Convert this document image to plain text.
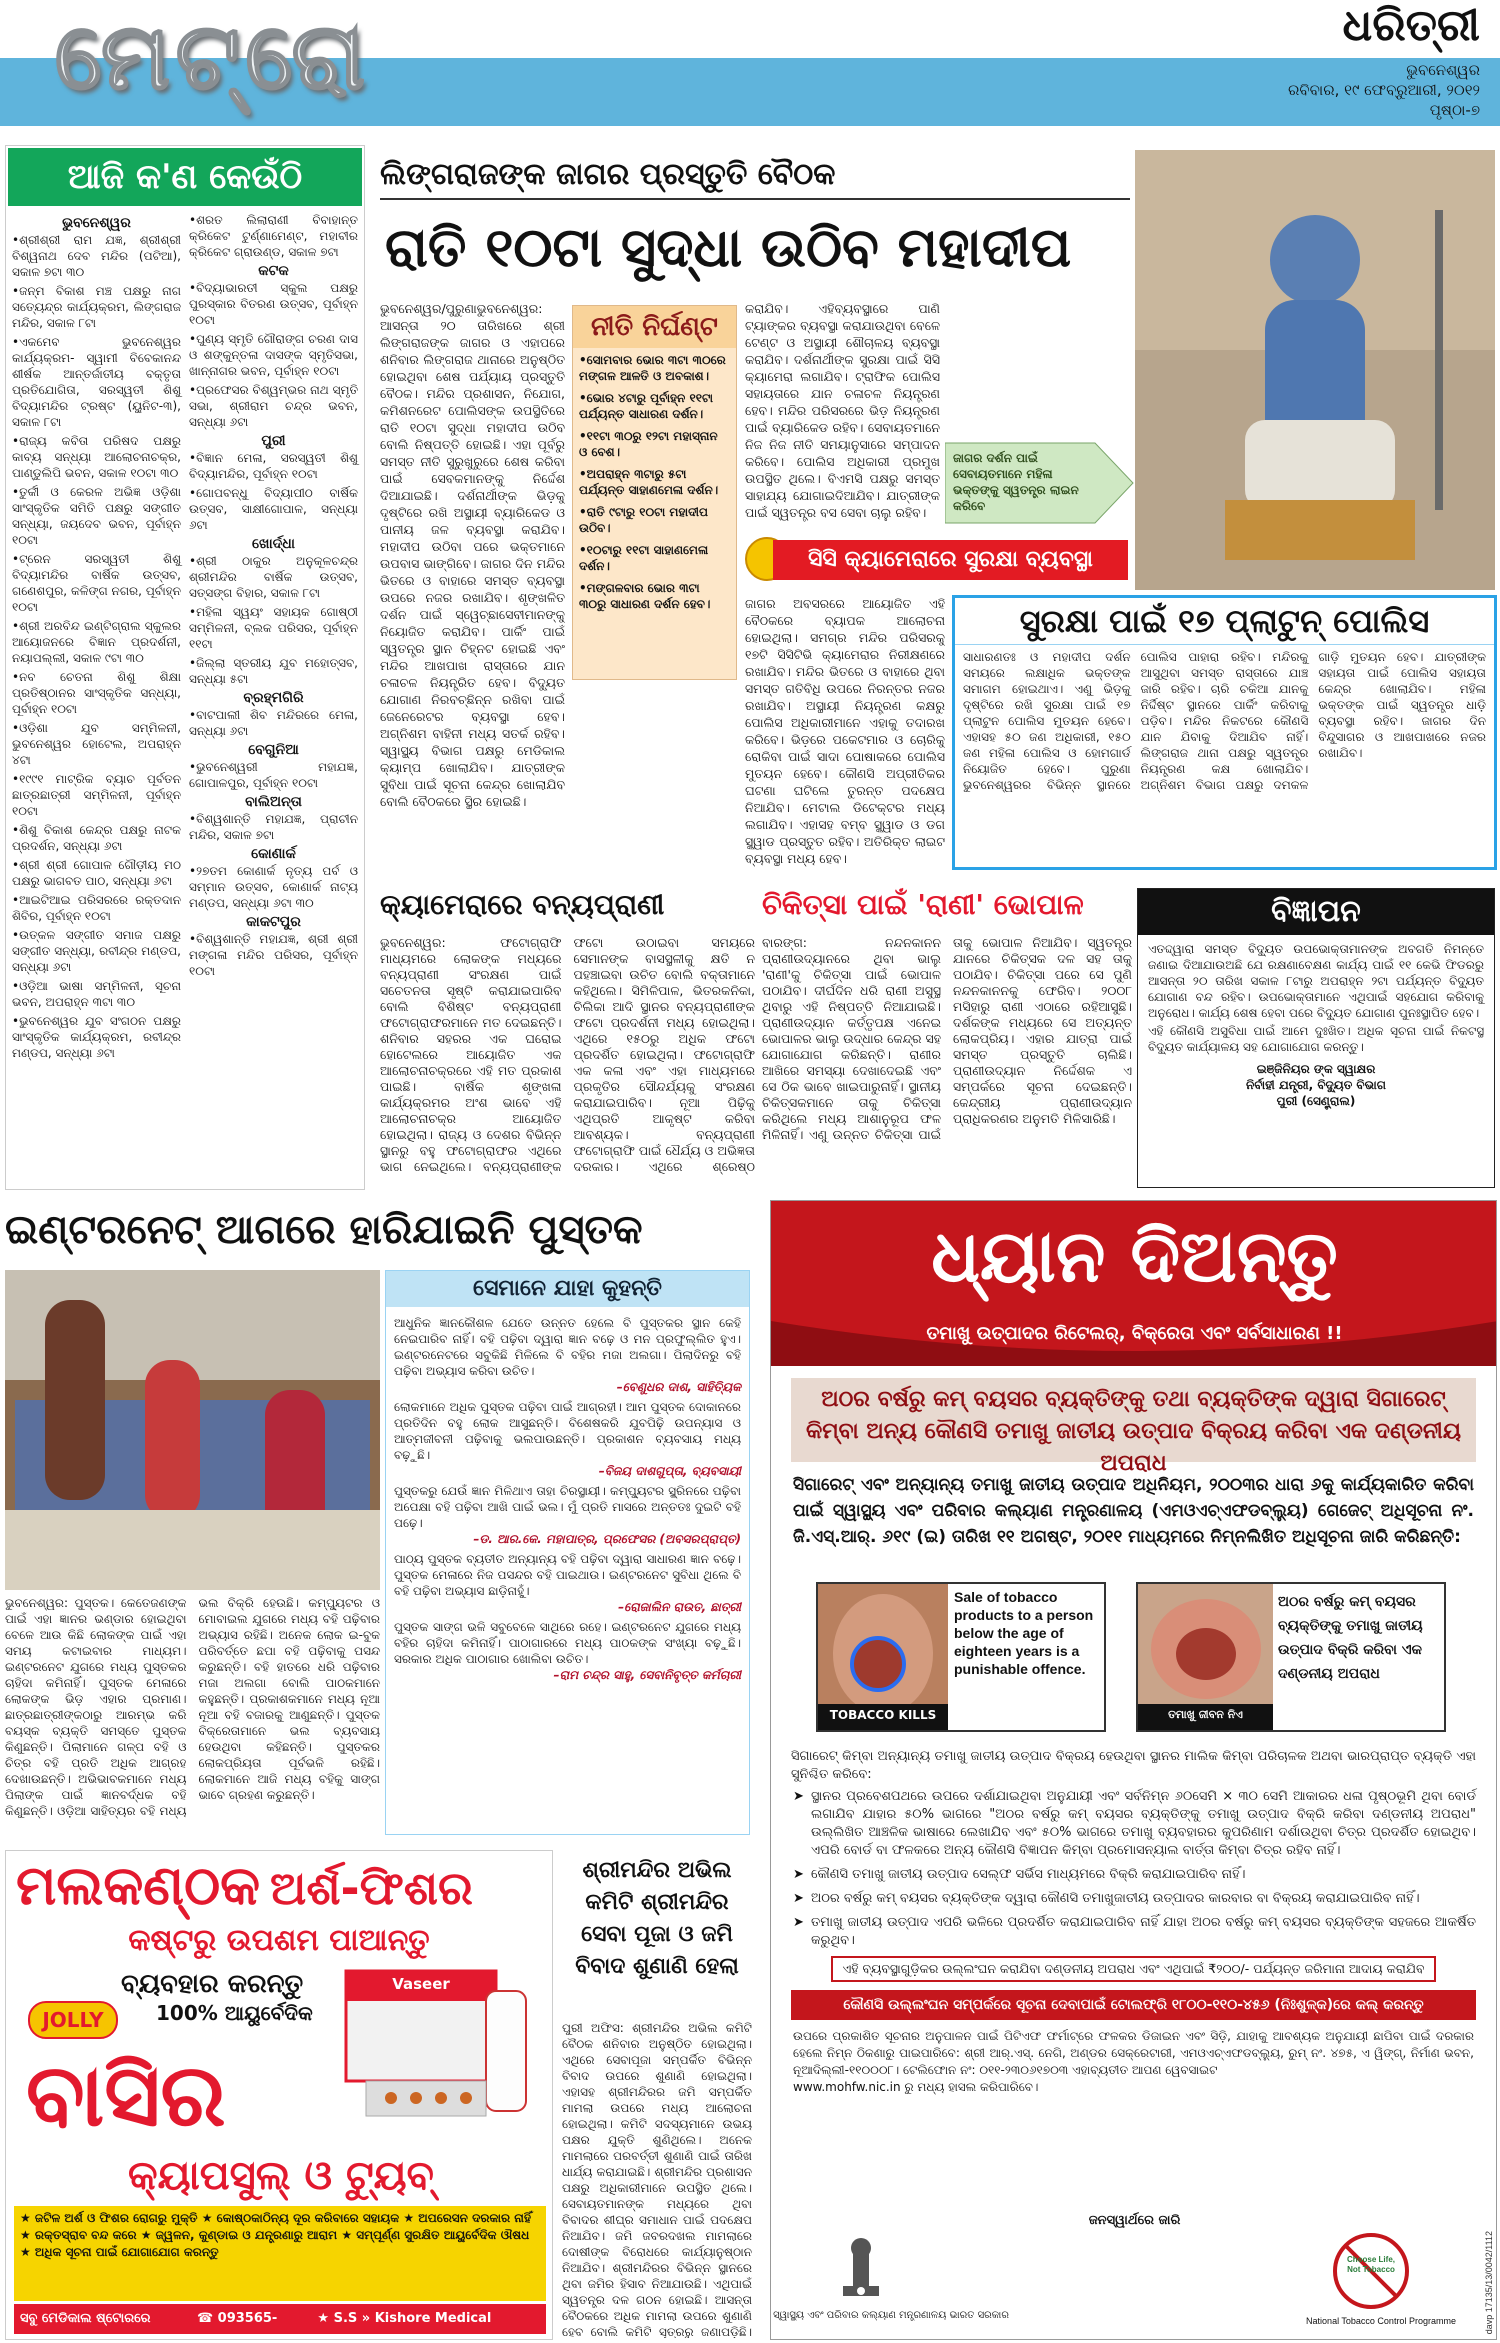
ମେଟ୍ରୋ	ଧରିତ୍ରୀ
ଭୁବନେଶ୍ୱର
ରବିବାର, ୧୯ ଫେବ୍ରୁଆରୀ, ୨୦୧୨
ପୃଷ୍ଠା-୭
ଆଜି କ'ଣ କେଉଁଠି
ଭୁବନେଶ୍ୱର
•ଶ୍ରୀଶ୍ରୀ ରାମ ଯଜ୍ଞ, ଶ୍ରୀଶ୍ରୀ ବିଶ୍ୱନାଥ ଦେବ ମନ୍ଦିର (ପଟିଆ), ସକାଳ ୭ଟା ୩୦
•ଜନ୍ମ ବିକାଶ ମଞ୍ଚ ପକ୍ଷରୁ ନାଗ ସତ୍ୟେନ୍ଦ୍ର କାର୍ଯ୍ୟକ୍ରମ, ଲିଙ୍ଗରାଜ ମନ୍ଦିର, ସକାଳ ୮ଟା
•ଏକମେବ ଭୁବନେଶ୍ୱର କାର୍ଯ୍ୟକ୍ରମ- ସ୍ୱାମୀ ବିବେକାନନ୍ଦ ଶୀର୍ଷକ ଆନ୍ତର୍ଜାତୀୟ ବକ୍ତୃତା ପ୍ରତିଯୋଗିତା, ସରସ୍ୱତୀ ଶିଶୁ ବିଦ୍ୟାମନ୍ଦିର ଟ୍ରଷ୍ଟ (ୟୁନିଟ-୩), ସକାଳ ୮ଟା
•ରାଜ୍ୟ କବିତା ପରିଷଦ ପକ୍ଷରୁ କାବ୍ୟ ସନ୍ଧ୍ୟା ଆଲୋଚନାଚକ୍ର, ପାଣ୍ଡୁଲିପି ଭବନ, ସକାଳ ୧୦ଟା ୩୦
•ତୁର୍କୀ ଓ କେରଳ ଅଭିଜ୍ଞ ଓଡ଼ିଶା ସାଂସ୍କୃତିକ ସମିତି ପକ୍ଷରୁ ସଙ୍ଗୀତ ସନ୍ଧ୍ୟା, ଜୟଦେବ ଭବନ, ପୂର୍ବାହ୍ନ ୧୦ଟା
•ଟ୍ରେନ ସରସ୍ୱତୀ ଶିଶୁ ବିଦ୍ୟାମନ୍ଦିର ବାର୍ଷିକ ଉତ୍ସବ, ଗଣେଶପୁର, କଳିଙ୍ଗ ନଗର, ପୂର୍ବାହ୍ନ ୧୦ଟା
•ଶ୍ରୀ ଅରବିନ୍ଦ ଇଣ୍ଟିଗ୍ରାଲ ସ୍କୁଲର ଆୟୋଜନରେ ବିଜ୍ଞାନ ପ୍ରଦର୍ଶନୀ, ନୟାପଲ୍ଲୀ, ସକାଳ ୯ଟା ୩୦
•ନବ ଚେତନା ଶିଶୁ ଶିକ୍ଷା ପ୍ରତିଷ୍ଠାନର ସାଂସ୍କୃତିକ ସନ୍ଧ୍ୟା, ପୂର୍ବାହ୍ନ ୧୦ଟା
•ଓଡ଼ିଶା ଯୁବ ସମ୍ମିଳନୀ, ଭୁବନେଶ୍ୱର ହୋଟେଲ, ଅପରାହ୍ନ ୪ଟା
•୧୯୯୧ ମାଟ୍ରିକ ବ୍ୟାଚ ପୂର୍ବତନ ଛାତ୍ରଛାତ୍ରୀ ସମ୍ମିଳନୀ, ପୂର୍ବାହ୍ନ ୧୦ଟା
•ଶିଶୁ ବିକାଶ କେନ୍ଦ୍ର ପକ୍ଷରୁ ନାଟକ ପ୍ରଦର୍ଶନ, ସନ୍ଧ୍ୟା ୬ଟା
•ଶ୍ରୀ ଶ୍ରୀ ଗୋପାଳ ଗୌଡ଼ୀୟ ମଠ ପକ୍ଷରୁ ଭାଗବତ ପାଠ, ସନ୍ଧ୍ୟା ୬ଟା
•ଆଇଟିଆଇ ପରିସରରେ ରକ୍ତଦାନ ଶିବିର, ପୂର୍ବାହ୍ନ ୧୦ଟା
•ଉତ୍କଳ ସଙ୍ଗୀତ ସମାଜ ପକ୍ଷରୁ ସଙ୍ଗୀତ ସନ୍ଧ୍ୟା, ରବୀନ୍ଦ୍ର ମଣ୍ଡପ, ସନ୍ଧ୍ୟା ୬ଟା
•ଓଡ଼ିଆ ଭାଷା ସମ୍ମିଳନୀ, ସୂଚନା ଭବନ, ଅପରାହ୍ନ ୩ଟା ୩୦
•ଭୁବନେଶ୍ୱର ଯୁବ ସଂଗଠନ ପକ୍ଷରୁ ସାଂସ୍କୃତିକ କାର୍ଯ୍ୟକ୍ରମ, ରବୀନ୍ଦ୍ର ମଣ୍ଡପ, ସନ୍ଧ୍ୟା ୬ଟା
•ଶରତ ଲିଲାରାଣୀ ବିବାହାନ୍ତ କ୍ରିକେଟ ଟୁର୍ଣ୍ଣାମେଣ୍ଟ, ମହାବୀର କ୍ରିକେଟ ଗ୍ରାଉଣ୍ଡ, ସକାଳ ୭ଟା
କଟକ
•ବିଦ୍ୟାଭାରତୀ ସ୍କୁଲ ପକ୍ଷରୁ ପୁରସ୍କାର ବିତରଣ ଉତ୍ସବ, ପୂର୍ବାହ୍ନ ୧୦ଟା
•ପୁଣ୍ୟ ସ୍ମୃତି ଗୌରାଙ୍ଗ ଚରଣ ଦାସ ଓ ଶଙ୍କୁନ୍ତଳା ଦାସଙ୍କ ସ୍ମୃତିସଭା, ଖାନ୍ନାଗର ଭବନ, ପୂର୍ବାହ୍ନ ୧୦ଟା
•ପ୍ରଫେସର ବିଶ୍ୱମ୍ଭର ନାଥ ସ୍ମୃତି ସଭା, ଶ୍ରୀରାମ ଚନ୍ଦ୍ର ଭବନ, ସନ୍ଧ୍ୟା ୬ଟା
ପୁରୀ
•ବିଜ୍ଞାନ ମେଳା, ସରସ୍ୱତୀ ଶିଶୁ ବିଦ୍ୟାମନ୍ଦିର, ପୂର୍ବାହ୍ନ ୧୦ଟା
•ଗୋପବନ୍ଧୁ ବିଦ୍ୟାପୀଠ ବାର୍ଷିକ ଉତ୍ସବ, ସାକ୍ଷୀଗୋପାଳ, ସନ୍ଧ୍ୟା ୬ଟା
ଖୋର୍ଦ୍ଧା
•ଶ୍ରୀ ଠାକୁର ଅନୁକୂଳଚନ୍ଦ୍ର ଶ୍ରୀମନ୍ଦିର ବାର୍ଷିକ ଉତ୍ସବ, ସତ୍ସଙ୍ଗ ବିହାର, ସକାଳ ୮ଟା
•ମହିଳା ସ୍ୱୟଂ ସହାୟକ ଗୋଷ୍ଠୀ ସମ୍ମିଳନୀ, ବ୍ଲକ ପରିସର, ପୂର୍ବାହ୍ନ ୧୧ଟା
•ଜିଲ୍ଲା ସ୍ତରୀୟ ଯୁବ ମହୋତ୍ସବ, ସନ୍ଧ୍ୟା ୫ଟା
ବ୍ରହ୍ମଗିରି
•ବାଟପାଲୀ ଶିବ ମନ୍ଦିରରେ ମେଳା, ସନ୍ଧ୍ୟା ୬ଟା
ବେଗୁନିଆ
•ଭୁବନେଶ୍ୱରୀ ମହାଯଜ୍ଞ, ଗୋପାଳପୁର, ପୂର୍ବାହ୍ନ ୧୦ଟା
ବାଲିଅନ୍ତା
•ବିଶ୍ୱଶାନ୍ତି ମହାଯଜ୍ଞ, ପ୍ରାଚୀନ ମନ୍ଦିର, ସକାଳ ୭ଟା
କୋଣାର୍କ
•୨୭ତମ କୋଣାର୍କ ନୃତ୍ୟ ପର୍ବ ଓ ସମ୍ମାନ ଉତ୍ସବ, କୋଣାର୍କ ନାଟ୍ୟ ମଣ୍ଡପ, ସନ୍ଧ୍ୟା ୬ଟା ୩୦
କାକଟପୁର
•ବିଶ୍ୱଶାନ୍ତି ମହାଯଜ୍ଞ, ଶ୍ରୀ ଶ୍ରୀ ମଙ୍ଗଳା ମନ୍ଦିର ପରିସର, ପୂର୍ବାହ୍ନ ୧୦ଟା
ଲିଙ୍ଗରାଜଙ୍କ ଜାଗର ପ୍ରସ୍ତୁତି ବୈଠକ
ରାତି ୧୦ଟା ସୁଦ୍ଧା ଉଠିବ ମହାଦୀପ
ଭୁବନେଶ୍ୱର/ପୁରୁଣାଭୁବନେଶ୍ୱର: ଆସନ୍ତା ୨୦ ତାରିଖରେ ଶ୍ରୀ ଲିଙ୍ଗରାଜଙ୍କ ଜାଗର ଓ ଏହାପରେ ଶନିବାର ଲିଙ୍ଗରାଜ ଥାନାରେ ଅନୁଷ୍ଠିତ ହୋଇଥିବା ଶେଷ ପର୍ଯ୍ୟାୟ ପ୍ରସ୍ତୁତି ବୈଠକ। ମନ୍ଦିର ପ୍ରଶାସନ, ନିଯୋଗ, କମିଶନରେଟ ପୋଲିସଙ୍କ ଉପସ୍ଥିତିରେ ରାତି ୧୦ଟା ସୁଦ୍ଧା ମହାଦୀପ ଉଠିବ ବୋଲି ନିଷ୍ପତ୍ତି ହୋଇଛି। ଏହା ପୂର୍ବରୁ ସମସ୍ତ ନୀତି ସୁରୁଖୁରୁରେ ଶେଷ କରିବା ପାଇଁ ସେବକମାନଙ୍କୁ ନିର୍ଦ୍ଦେଶ ଦିଆଯାଇଛି। ଦର୍ଶନାର୍ଥୀଙ୍କ ଭିଡ଼କୁ ଦୃଷ୍ଟିରେ ରଖି ଅସ୍ଥାୟୀ ବ୍ୟାରିକେଡ ଓ ପାନୀୟ ଜଳ ବ୍ୟବସ୍ଥା କରାଯିବ। ମହାଦୀପ ଉଠିବା ପରେ ଭକ୍ତମାନେ ଉପବାସ ଭାଙ୍ଗିବେ। ଜାଗର ଦିନ ମନ୍ଦିର ଭିତରେ ଓ ବାହାରେ ସମସ୍ତ ବ୍ୟବସ୍ଥା ଉପରେ ନଜର ରଖାଯିବ। ଶୃଙ୍ଖଳିତ ଦର୍ଶନ ପାଇଁ ସ୍ୱେଚ୍ଛାସେବୀମାନଙ୍କୁ ନିୟୋଜିତ କରାଯିବ। ପାର୍କିଂ ପାଇଁ ସ୍ୱତନ୍ତ୍ର ସ୍ଥାନ ଚିହ୍ନଟ ହୋଇଛି ଏବଂ ମନ୍ଦିର ଆଖପାଖ ରାସ୍ତାରେ ଯାନ ଚଳାଚଳ ନିୟନ୍ତ୍ରିତ ହେବ। ବିଦ୍ୟୁତ ଯୋଗାଣ ନିରବଚ୍ଛିନ୍ନ ରଖିବା ପାଇଁ ଜେନେରେଟର ବ୍ୟବସ୍ଥା ହେବ। ଅଗ୍ନିଶମ ବାହିନୀ ମଧ୍ୟ ସତର୍କ ରହିବ। ସ୍ୱାସ୍ଥ୍ୟ ବିଭାଗ ପକ୍ଷରୁ ମେଡିକାଲ କ୍ୟାମ୍ପ ଖୋଲାଯିବ। ଯାତ୍ରୀଙ୍କ ସୁବିଧା ପାଇଁ ସୂଚନା କେନ୍ଦ୍ର ଖୋଲାଯିବ ବୋଲି ବୈଠକରେ ସ୍ଥିର ହୋଇଛି।
ନୀତି ନିର୍ଘଣ୍ଟ
•ସୋମବାର ଭୋର ୩ଟା ୩୦ରେ ମଙ୍ଗଳ ଆଳତି ଓ ଅବକାଶ।
•ଭୋର ୪ଟାରୁ ପୂର୍ବାହ୍ନ ୧୧ଟା ପର୍ଯ୍ୟନ୍ତ ସାଧାରଣ ଦର୍ଶନ।
•୧୧ଟା ୩୦ରୁ ୧୨ଟା ମହାସ୍ନାନ ଓ ବେଶ।
•ଅପରାହ୍ନ ୩ଟାରୁ ୫ଟା ପର୍ଯ୍ୟନ୍ତ ସାହାଣମେଳା ଦର୍ଶନ।
•ରାତି ୯ଟାରୁ ୧୦ଟା ମହାଦୀପ ଉଠିବ।
•୧୦ଟାରୁ ୧୧ଟା ସାହାଣମେଳା ଦର୍ଶନ।
•ମଙ୍ଗଳବାର ଭୋର ୩ଟା ୩୦ରୁ ସାଧାରଣ ଦର୍ଶନ ହେବ।
କରାଯିବ। ଏହିବ୍ୟବସ୍ଥାରେ ପାଣି ଟ୍ୟାଙ୍କର ବ୍ୟବସ୍ଥା କରାଯାଉଥିବା ବେଳେ ଟେଣ୍ଟ ଓ ଅସ୍ଥାୟୀ ଶୌଚାଳୟ ବ୍ୟବସ୍ଥା କରାଯିବ। ଦର୍ଶନାର୍ଥୀଙ୍କ ସୁରକ୍ଷା ପାଇଁ ସିସି କ୍ୟାମେରା ଲଗାଯିବ। ଟ୍ରାଫିକ ପୋଲିସ ସହାୟତାରେ ଯାନ ଚଳାଚଳ ନିୟନ୍ତ୍ରଣ ହେବ। ମନ୍ଦିର ପରିସରରେ ଭିଡ଼ ନିୟନ୍ତ୍ରଣ ପାଇଁ ବ୍ୟାରିକେଡ ରହିବ। ସେବାୟତମାନେ ନିଜ ନିଜ ନୀତି ସମୟାନୁସାରେ ସମ୍ପାଦନ କରିବେ। ପୋଲିସ ଅଧିକାରୀ ପ୍ରମୁଖ ଉପସ୍ଥିତ ଥିଲେ। ବିଏମସି ପକ୍ଷରୁ ସମସ୍ତ ସାହାଯ୍ୟ ଯୋଗାଇଦିଆଯିବ। ଯାତ୍ରୀଙ୍କ ପାଇଁ ସ୍ୱତନ୍ତ୍ର ବସ ସେବା ଚାଲୁ ରହିବ।
ଜାଗର ଦର୍ଶନ ପାଇଁ ସେବାୟତମାନେ ମହିଳା ଭକ୍ତଙ୍କୁ ସ୍ୱତନ୍ତ୍ର ଲାଇନ କରିବେ
ସିସି କ୍ୟାମେରାରେ ସୁରକ୍ଷା ବ୍ୟବସ୍ଥା
ଜାଗର ଅବସରରେ ଆୟୋଜିତ ଏହି ବୈଠକରେ ବ୍ୟାପକ ଆଲୋଚନା ହୋଇଥିଲା। ସମଗ୍ର ମନ୍ଦିର ପରିସରକୁ ୧୭ଟି ସିସିଟିଭି କ୍ୟାମେରାର ନିରୀକ୍ଷଣରେ ରଖାଯିବ। ମନ୍ଦିର ଭିତରେ ଓ ବାହାରେ ଥିବା ସମସ୍ତ ଗତିବିଧି ଉପରେ ନିରନ୍ତର ନଜର ରଖାଯିବ। ଅସ୍ଥାୟୀ ନିୟନ୍ତ୍ରଣ କକ୍ଷରୁ ପୋଲିସ ଅଧିକାରୀମାନେ ଏହାକୁ ତଦାରଖ କରିବେ। ଭିଡ଼ରେ ପକେଟମାର ଓ ଚୋରିକୁ ରୋକିବା ପାଇଁ ସାଦା ପୋଷାକରେ ପୋଲିସ ମୁତୟନ ହେବେ। କୌଣସି ଅପ୍ରୀତିକର ଘଟଣା ଘଟିଲେ ତୁରନ୍ତ ପଦକ୍ଷେପ ନିଆଯିବ। ମେଟାଲ ଡିଟେକ୍ଟର ମଧ୍ୟ ଲଗାଯିବ। ଏହାସହ ବମ୍ବ ସ୍କ୍ୱାଡ ଓ ଡଗ ସ୍କ୍ୱାଡ ପ୍ରସ୍ତୁତ ରହିବ। ଅତିରିକ୍ତ ଲାଇଟ ବ୍ୟବସ୍ଥା ମଧ୍ୟ ହେବ।
ସୁରକ୍ଷା ପାଇଁ ୧୭ ପ୍ଲାଟୁନ୍ ପୋଲିସ
ସାଧାରଣତଃ ଓ ମହାଦୀପ ଦର୍ଶନ ସମୟରେ ଲକ୍ଷାଧିକ ଭକ୍ତଙ୍କ ସମାଗମ ହୋଇଥାଏ। ଏଣୁ ଭିଡ଼କୁ ଦୃଷ୍ଟିରେ ରଖି ସୁରକ୍ଷା ପାଇଁ ୧୭ ପ୍ଲାଟୁନ ପୋଲିସ ମୁତୟନ ହେବେ। ଏହାସହ ୫୦ ଜଣ ଅଧିକାରୀ, ୧୫୦ ଜଣ ମହିଳା ପୋଲିସ ଓ ହୋମଗାର୍ଡ ନିୟୋଜିତ ହେବେ। ପୁରୁଣା ଭୁବନେଶ୍ୱରର ବିଭିନ୍ନ ସ୍ଥାନରେ ପୋଲିସ ପାହାରା ରହିବ। ମନ୍ଦିରକୁ ଆସୁଥିବା ସମସ୍ତ ରାସ୍ତାରେ ଯାଞ୍ଚ ଜାରି ରହିବ। ଚାରି ଚକିଆ ଯାନକୁ ନିର୍ଦ୍ଦିଷ୍ଟ ସ୍ଥାନରେ ପାର୍କିଂ କରିବାକୁ ପଡ଼ିବ। ମନ୍ଦିର ନିକଟରେ କୌଣସି ଯାନ ଯିବାକୁ ଦିଆଯିବ ନାହିଁ। ଲିଙ୍ଗରାଜ ଥାନା ପକ୍ଷରୁ ସ୍ୱତନ୍ତ୍ର ନିୟନ୍ତ୍ରଣ କକ୍ଷ ଖୋଲାଯିବ। ଅଗ୍ନିଶମ ବିଭାଗ ପକ୍ଷରୁ ଦମକଳ ଗାଡ଼ି ମୁତୟନ ହେବ। ଯାତ୍ରୀଙ୍କ ସହାୟତା ପାଇଁ ପୋଲିସ ସହାୟତା କେନ୍ଦ୍ର ଖୋଲାଯିବ। ମହିଳା ଭକ୍ତଙ୍କ ପାଇଁ ସ୍ୱତନ୍ତ୍ର ଧାଡ଼ି ବ୍ୟବସ୍ଥା ରହିବ। ଜାଗର ଦିନ ବିନ୍ଦୁସାଗର ଓ ଆଖପାଖରେ ନଜର ରଖାଯିବ।
କ୍ୟାମେରାରେ ବନ୍ୟପ୍ରାଣୀ
ଭୁବନେଶ୍ୱର: ଫଟୋଗ୍ରାଫି ମାଧ୍ୟମରେ ଲୋକଙ୍କ ମଧ୍ୟରେ ବନ୍ୟପ୍ରାଣୀ ସଂରକ୍ଷଣ ପାଇଁ ସଚେତନତା ସୃଷ୍ଟି କରାଯାଇପାରିବ ବୋଲି ବିଶିଷ୍ଟ ବନ୍ୟପ୍ରାଣୀ ଫଟୋଗ୍ରାଫରମାନେ ମତ ଦେଇଛନ୍ତି। ଶନିବାର ସହରର ଏକ ଘରୋଇ ହୋଟେଲରେ ଆୟୋଜିତ ଏକ ଆଲୋଚନାଚକ୍ରରେ ଏହି ମତ ପ୍ରକାଶ ପାଇଛି। ବାର୍ଷିକ ଶୃଙ୍ଖଳା କାର୍ଯ୍ୟକ୍ରମର ଅଂଶ ଭାବେ ଏହି ଆଲୋଚନାଚକ୍ର ଆୟୋଜିତ ହୋଇଥିଲା। ରାଜ୍ୟ ଓ ଦେଶର ବିଭିନ୍ନ ସ୍ଥାନରୁ ବହୁ ଫଟୋଗ୍ରାଫର ଏଥିରେ ଭାଗ ନେଇଥିଲେ। ବନ୍ୟପ୍ରାଣୀଙ୍କ ଫଟୋ ଉଠାଇବା ସମୟରେ ସେମାନଙ୍କ ବାସସ୍ଥଳୀକୁ କ୍ଷତି ନ ପହଞ୍ଚାଇବା ଉଚିତ ବୋଲି ବକ୍ତାମାନେ କହିଥିଲେ। ସିମିଳିପାଳ, ଭିତରକନିକା, ଚିଲିକା ଆଦି ସ୍ଥାନର ବନ୍ୟପ୍ରାଣୀଙ୍କ ଫଟୋ ପ୍ରଦର୍ଶନୀ ମଧ୍ୟ ହୋଇଥିଲା। ଏଥିରେ ୧୫୦ରୁ ଅଧିକ ଫଟୋ ପ୍ରଦର୍ଶିତ ହୋଇଥିଲା। ଫଟୋଗ୍ରାଫି ଏକ କଳା ଏବଂ ଏହା ମାଧ୍ୟମରେ ପ୍ରକୃତିର ସୌନ୍ଦର୍ଯ୍ୟକୁ ସଂରକ୍ଷଣ କରାଯାଇପାରିବ। ନୂଆ ପିଢ଼ିକୁ ଏଥିପ୍ରତି ଆକୃଷ୍ଟ କରିବା ଆବଶ୍ୟକ। ବନ୍ୟପ୍ରାଣୀ ଫଟୋଗ୍ରାଫି ପାଇଁ ଧୈର୍ଯ୍ୟ ଓ ଅଭିଜ୍ଞତା ଦରକାର। ଏଥିରେ ଶ୍ରେଷ୍ଠ
ଚିକିତ୍ସା ପାଇଁ 'ରାଣୀ' ଭୋପାଳ
ବାରଙ୍ଗ: ନନ୍ଦନକାନନ ପ୍ରାଣୀଉଦ୍ୟାନରେ ଥିବା ଭାଲୁ 'ରାଣୀ'କୁ ଚିକିତ୍ସା ପାଇଁ ଭୋପାଳ ପଠାଯିବ। ଦୀର୍ଘଦିନ ଧରି ରାଣୀ ଅସୁସ୍ଥ ଥିବାରୁ ଏହି ନିଷ୍ପତ୍ତି ନିଆଯାଇଛି। ପ୍ରାଣୀଉଦ୍ୟାନ କର୍ତ୍ତୃପକ୍ଷ ଏନେଇ ଭୋପାଳର ଭାଲୁ ଉଦ୍ଧାର କେନ୍ଦ୍ର ସହ ଯୋଗାଯୋଗ କରିଛନ୍ତି। ରାଣୀର ଆଖିରେ ସମସ୍ୟା ଦେଖାଦେଇଛି ଏବଂ ସେ ଠିକ ଭାବେ ଖାଇପାରୁନାହିଁ। ସ୍ଥାନୀୟ ଚିକିତ୍ସକମାନେ ତାକୁ ଚିକିତ୍ସା କରିଥିଲେ ମଧ୍ୟ ଆଶାନୁରୂପ ଫଳ ମିଳିନାହିଁ। ଏଣୁ ଉନ୍ନତ ଚିକିତ୍ସା ପାଇଁ ତାକୁ ଭୋପାଳ ନିଆଯିବ। ସ୍ୱତନ୍ତ୍ର ଯାନରେ ଚିକିତ୍ସକ ଦଳ ସହ ତାକୁ ପଠାଯିବ। ଚିକିତ୍ସା ପରେ ସେ ପୁଣି ନନ୍ଦନକାନନକୁ ଫେରିବ। ୨୦୦୮ ମସିହାରୁ ରାଣୀ ଏଠାରେ ରହିଆସୁଛି। ଦର୍ଶକଙ୍କ ମଧ୍ୟରେ ସେ ଅତ୍ୟନ୍ତ ଲୋକପ୍ରିୟ। ଏହାର ଯାତ୍ରା ପାଇଁ ସମସ୍ତ ପ୍ରସ୍ତୁତି ଚାଲିଛି। ପ୍ରାଣୀଉଦ୍ୟାନ ନିର୍ଦ୍ଦେଶକ ଏ ସମ୍ପର୍କରେ ସୂଚନା ଦେଇଛନ୍ତି। କେନ୍ଦ୍ରୀୟ ପ୍ରାଣୀଉଦ୍ୟାନ ପ୍ରାଧିକରଣର ଅନୁମତି ମିଳିସାରିଛି।
ବିଜ୍ଞାପନ
ଏତଦ୍ଦ୍ୱାରା ସମସ୍ତ ବିଦ୍ୟୁତ ଉପଭୋକ୍ତାମାନଙ୍କ ଅବଗତି ନିମନ୍ତେ ଜଣାଇ ଦିଆଯାଉଅଛି ଯେ ରକ୍ଷଣାବେକ୍ଷଣ କାର୍ଯ୍ୟ ପାଇଁ ୧୧ କେଭି ଫିଡରରୁ ଆସନ୍ତା ୨୦ ତାରିଖ ସକାଳ ୮ଟାରୁ ଅପରାହ୍ନ ୨ଟା ପର୍ଯ୍ୟନ୍ତ ବିଦ୍ୟୁତ ଯୋଗାଣ ବନ୍ଦ ରହିବ। ଉପଭୋକ୍ତାମାନେ ଏଥିପାଇଁ ସହଯୋଗ କରିବାକୁ ଅନୁରୋଧ। କାର୍ଯ୍ୟ ଶେଷ ହେବା ପରେ ବିଦ୍ୟୁତ ଯୋଗାଣ ପୁନଃସ୍ଥାପିତ ହେବ।
ଏହି କୌଣସି ଅସୁବିଧା ପାଇଁ ଆମେ ଦୁଃଖିତ। ଅଧିକ ସୂଚନା ପାଇଁ ନିକଟସ୍ଥ ବିଦ୍ୟୁତ କାର୍ଯ୍ୟାଳୟ ସହ ଯୋଗାଯୋଗ କରନ୍ତୁ।
ଇଞ୍ଜିନିୟର ଙ୍କ ସ୍ୱାକ୍ଷର
ନିର୍ବାହୀ ଯନ୍ତ୍ରୀ, ବିଦ୍ୟୁତ ବିଭାଗ
ପୁରୀ (ସେଣ୍ଟ୍ରାଲ)
ଇଣ୍ଟରନେଟ୍ ଆଗରେ ହାରିଯାଇନି ପୁସ୍ତକ
ଭୁବନେଶ୍ୱର: ପୁସ୍ତକ। କେତେଜଣଙ୍କ ପାଇଁ ଏହା ଜ୍ଞାନର ଭଣ୍ଡାର ହୋଇଥିବା ବେଳେ ଆଉ କିଛି ଲୋକଙ୍କ ପାଇଁ ଏହା ସମୟ କଟାଇବାର ମାଧ୍ୟମ। ଇଣ୍ଟରନେଟ ଯୁଗରେ ମଧ୍ୟ ପୁସ୍ତକର ଚାହିଦା କମିନାହିଁ। ପୁସ୍ତକ ମେଳାରେ ଲୋକଙ୍କ ଭିଡ଼ ଏହାର ପ୍ରମାଣ। ଛାତ୍ରଛାତ୍ରୀଙ୍କଠାରୁ ଆରମ୍ଭ କରି ବୟସ୍କ ବ୍ୟକ୍ତି ସମସ୍ତେ ପୁସ୍ତକ କିଣୁଛନ୍ତି। ପିଲାମାନେ ଗଳ୍ପ ବହି ଓ ଚିତ୍ର ବହି ପ୍ରତି ଅଧିକ ଆଗ୍ରହ ଦେଖାଉଛନ୍ତି। ଅଭିଭାବକମାନେ ମଧ୍ୟ ପିଲାଙ୍କ ପାଇଁ ଜ୍ଞାନବର୍ଦ୍ଧକ ବହି କିଣୁଛନ୍ତି। ଓଡ଼ିଆ ସାହିତ୍ୟର ବହି ମଧ୍ୟ ଭଲ ବିକ୍ରି ହେଉଛି। କମ୍ପ୍ୟୁଟର ଓ ମୋବାଇଲ ଯୁଗରେ ମଧ୍ୟ ବହି ପଢ଼ିବାର ଅଭ୍ୟାସ ରହିଛି। ଅନେକ ଲୋକ ଇ-ବୁକ ପରିବର୍ତ୍ତେ ଛପା ବହି ପଢ଼ିବାକୁ ପସନ୍ଦ କରୁଛନ୍ତି। ବହି ହାତରେ ଧରି ପଢ଼ିବାର ମଜା ଅଲଗା ବୋଲି ପାଠକମାନେ କହୁଛନ୍ତି। ପ୍ରକାଶକମାନେ ମଧ୍ୟ ନୂଆ ନୂଆ ବହି ବଜାରକୁ ଆଣୁଛନ୍ତି। ପୁସ୍ତକ ବିକ୍ରେତାମାନେ ଭଲ ବ୍ୟବସାୟ ହେଉଥିବା କହିଛନ୍ତି। ପୁସ୍ତକର ଲୋକପ୍ରିୟତା ପୂର୍ବଭଳି ରହିଛି। ଲୋକମାନେ ଆଜି ମଧ୍ୟ ବହିକୁ ସାଙ୍ଗ ଭାବେ ଗ୍ରହଣ କରୁଛନ୍ତି।
ସେମାନେ ଯାହା କୁହନ୍ତି
ଆଧୁନିକ ଜ୍ଞାନକୌଶଳ ଯେତେ ଉନ୍ନତ ହେଲେ ବି ପୁସ୍ତକର ସ୍ଥାନ କେହି ନେଇପାରିବ ନାହିଁ। ବହି ପଢ଼ିବା ଦ୍ୱାରା ଜ୍ଞାନ ବଢ଼େ ଓ ମନ ପ୍ରଫୁଲ୍ଲିତ ହୁଏ। ଇଣ୍ଟରନେଟରେ ସବୁକିଛି ମିଳିଲେ ବି ବହିର ମଜା ଅଲଗା। ପିଲାଦିନରୁ ବହି ପଢ଼ିବା ଅଭ୍ୟାସ କରିବା ଉଚିତ।
–ବେଣୁଧର ଦାଶ, ସାହିତ୍ୟିକ
ଲୋକମାନେ ଅଧିକ ପୁସ୍ତକ ପଢ଼ିବା ପାଇଁ ଆଗ୍ରହୀ। ଆମ ପୁସ୍ତକ ଦୋକାନରେ ପ୍ରତିଦିନ ବହୁ ଲୋକ ଆସୁଛନ୍ତି। ବିଶେଷକରି ଯୁବପିଢ଼ି ଉପନ୍ୟାସ ଓ ଆତ୍ମଜୀବନୀ ପଢ଼ିବାକୁ ଭଲପାଉଛନ୍ତି। ପ୍ରକାଶନ ବ୍ୟବସାୟ ମଧ୍ୟ ବଢ଼ୁଛି।
–ବିଜୟ ଦାଶଗୁପ୍ତା, ବ୍ୟବସାୟୀ
ପୁସ୍ତକରୁ ଯେଉଁ ଜ୍ଞାନ ମିଳିଥାଏ ତାହା ଚିରସ୍ଥାୟୀ। କମ୍ପ୍ୟୁଟର ସ୍କ୍ରିନରେ ପଢ଼ିବା ଅପେକ୍ଷା ବହି ପଢ଼ିବା ଆଖି ପାଇଁ ଭଲ। ମୁଁ ପ୍ରତି ମାସରେ ଅନ୍ତତଃ ଦୁଇଟି ବହି ପଢ଼େ।
–ଡ. ଆର.କେ. ମହାପାତ୍ର, ପ୍ରଫେସର (ଅବସରପ୍ରାପ୍ତ)
ପାଠ୍ୟ ପୁସ୍ତକ ବ୍ୟତୀତ ଅନ୍ୟାନ୍ୟ ବହି ପଢ଼ିବା ଦ୍ୱାରା ସାଧାରଣ ଜ୍ଞାନ ବଢ଼େ। ପୁସ୍ତକ ମେଳାରେ ନିଜ ପସନ୍ଦର ବହି ପାଇଥାଉ। ଇଣ୍ଟରନେଟ ସୁବିଧା ଥିଲେ ବି ବହି ପଢ଼ିବା ଅଭ୍ୟାସ ଛାଡ଼ିନାହୁଁ।
–ରୋଜାଲିନ ରାଉତ, ଛାତ୍ରୀ
ପୁସ୍ତକ ସାଙ୍ଗ ଭଳି ସବୁବେଳେ ସାଥିରେ ରହେ। ଇଣ୍ଟରନେଟ ଯୁଗରେ ମଧ୍ୟ ବହିର ଚାହିଦା କମିନାହିଁ। ପାଠାଗାରରେ ମଧ୍ୟ ପାଠକଙ୍କ ସଂଖ୍ୟା ବଢ଼ୁଛି। ସରକାର ଅଧିକ ପାଠାଗାର ଖୋଲିବା ଉଚିତ।
–ରାମ ଚନ୍ଦ୍ର ସାହୁ, ସେବାନିବୃତ୍ତ କର୍ମଚାରୀ
ମଲକଣ୍ଠକ ଅର୍ଶ-ଫିଶର
କଷ୍ଟରୁ ଉପଶମ ପାଆନ୍ତୁ
ବ୍ୟବହାର କରନ୍ତୁ
100% ଆୟୁର୍ବେଦିକ
JOLLY
Vaseer
ବାସିର
କ୍ୟାପସୁଲ୍ ଓ ଟ୍ୟୁବ୍
★ ଜଟିଳ ଅର୍ଶ ଓ ଫିଶର ରୋଗରୁ ମୁକ୍ତି ★ କୋଷ୍ଠକାଠିନ୍ୟ ଦୂର କରିବାରେ ସହାୟକ ★ ଅପରେସନ ଦରକାର ନାହିଁ ★ ରକ୍ତସ୍ରାବ ବନ୍ଦ କରେ ★ ଜ୍ୱଳନ, କୁଣ୍ଡାଇ ଓ ଯନ୍ତ୍ରଣାରୁ ଆରାମ ★ ସମ୍ପୂର୍ଣ୍ଣ ସୁରକ୍ଷିତ ଆୟୁର୍ବେଦିକ ଔଷଧ ★ ଅଧିକ ସୂଚନା ପାଇଁ ଯୋଗାଯୋଗ କରନ୍ତୁ
ସବୁ ମେଡିକାଲ ଷ୍ଟୋରରେ	☎ 093565-	★ S.S » Kishore Medical
ଶ୍ରୀମନ୍ଦିର ଅଭିଲ କମିଟି ଶ୍ରୀମନ୍ଦିର ସେବା ପୂଜା ଓ ଜମି ବିବାଦ ଶୁଣାଣି ହେଲା
ପୁରୀ ଅଫିସ: ଶ୍ରୀମନ୍ଦିର ଅଭିଲ କମିଟି ବୈଠକ ଶନିବାର ଅନୁଷ୍ଠିତ ହୋଇଥିଲା। ଏଥିରେ ସେବାପୂଜା ସମ୍ପର୍କିତ ବିଭିନ୍ନ ବିବାଦ ଉପରେ ଶୁଣାଣି ହୋଇଥିଲା। ଏହାସହ ଶ୍ରୀମନ୍ଦିରର ଜମି ସମ୍ପର୍କିତ ମାମଲା ଉପରେ ମଧ୍ୟ ଆଲୋଚନା ହୋଇଥିଲା। କମିଟି ସଦସ୍ୟମାନେ ଉଭୟ ପକ୍ଷର ଯୁକ୍ତି ଶୁଣିଥିଲେ। ଅନେକ ମାମଲାରେ ପରବର୍ତ୍ତୀ ଶୁଣାଣି ପାଇଁ ତାରିଖ ଧାର୍ଯ୍ୟ କରାଯାଇଛି। ଶ୍ରୀମନ୍ଦିର ପ୍ରଶାସନ ପକ୍ଷରୁ ଅଧିକାରୀମାନେ ଉପସ୍ଥିତ ଥିଲେ। ସେବାୟତମାନଙ୍କ ମଧ୍ୟରେ ଥିବା ବିବାଦର ଶୀଘ୍ର ସମାଧାନ ପାଇଁ ପଦକ୍ଷେପ ନିଆଯିବ। ଜମି ଜବରଦଖଲ ମାମଲାରେ ଦୋଷୀଙ୍କ ବିରୋଧରେ କାର୍ଯ୍ୟାନୁଷ୍ଠାନ ନିଆଯିବ। ଶ୍ରୀମନ୍ଦିରର ବିଭିନ୍ନ ସ୍ଥାନରେ ଥିବା ଜମିର ହିସାବ ନିଆଯାଉଛି। ଏଥିପାଇଁ ସ୍ୱତନ୍ତ୍ର ଦଳ ଗଠନ ହୋଇଛି। ଆସନ୍ତା ବୈଠକରେ ଅଧିକ ମାମଲା ଉପରେ ଶୁଣାଣି ହେବ ବୋଲି କମିଟି ସୂତ୍ରରୁ ଜଣାପଡ଼ିଛି।
ଧ୍ୟାନ ଦିଅନ୍ତୁ
ତମାଖୁ ଉତ୍ପାଦର ରିଟେଲର୍, ବିକ୍ରେତା ଏବଂ ସର୍ବସାଧାରଣ !!
ଅଠର ବର୍ଷରୁ କମ୍ ବୟସର ବ୍ୟକ୍ତିଙ୍କୁ ତଥା ବ୍ୟକ୍ତିଙ୍କ ଦ୍ୱାରା ସିଗାରେଟ୍ କିମ୍ବା ଅନ୍ୟ କୌଣସି ତମାଖୁ ଜାତୀୟ ଉତ୍ପାଦ ବିକ୍ରୟ କରିବା ଏକ ଦଣ୍ଡନୀୟ ଅପରାଧ
ସିଗାରେଟ୍ ଏବଂ ଅନ୍ୟାନ୍ୟ ତମାଖୁ ଜାତୀୟ ଉତ୍ପାଦ ଅଧିନିୟମ, ୨୦୦୩ର ଧାରା ୬କୁ କାର୍ଯ୍ୟକାରିତ କରିବା ପାଇଁ ସ୍ୱାସ୍ଥ୍ୟ ଏବଂ ପରିବାର କଲ୍ୟାଣ ମନ୍ତ୍ରଣାଳୟ (ଏମଓଏଚ୍ଏଫଡବ୍ଲ୍ୟୁ) ଗେଜେଟ୍ ଅଧିସୂଚନା ନଂ. ଜି.ଏସ୍.ଆର୍. ୬୧୯ (ଇ) ତାରିଖ ୧୧ ଅଗଷ୍ଟ, ୨୦୧୧ ମାଧ୍ୟମରେ ନିମ୍ନଲିଖିତ ଅଧିସୂଚନା ଜାରି କରିଛନ୍ତି:
TOBACCO KILLS
Sale of tobacco products to a person below the age of eighteen years is a punishable offence.
ତମାଖୁ ଜୀବନ ନିଏ
ଅଠର ବର୍ଷରୁ କମ୍ ବୟସର ବ୍ୟକ୍ତିଙ୍କୁ ତମାଖୁ ଜାତୀୟ ଉତ୍ପାଦ ବିକ୍ରି କରିବା ଏକ ଦଣ୍ଡନୀୟ ଅପରାଧ
ସିଗାରେଟ୍ କିମ୍ବା ଅନ୍ୟାନ୍ୟ ତମାଖୁ ଜାତୀୟ ଉତ୍ପାଦ ବିକ୍ରୟ ହେଉଥିବା ସ୍ଥାନର ମାଲିକ କିମ୍ବା ପରିଚାଳକ ଅଥବା ଭାରପ୍ରାପ୍ତ ବ୍ୟକ୍ତି ଏହା ସୁନିଶ୍ଚିତ କରିବେ:
➤ ସ୍ଥାନର ପ୍ରବେଶପଥରେ ଉପରେ ଦର୍ଶାଯାଇଥିବା ଅନୁଯାୟୀ ଏବଂ ସର୍ବନିମ୍ନ ୬୦ସେମି × ୩୦ ସେମି ଆକାରର ଧଳା ପୃଷ୍ଠଭୂମି ଥିବା ବୋର୍ଡ ଲଗାଯିବ ଯାହାର ୫୦% ଭାଗରେ "ଅଠର ବର୍ଷରୁ କମ୍ ବୟସର ବ୍ୟକ୍ତିଙ୍କୁ ତମାଖୁ ଉତ୍ପାଦ ବିକ୍ରି କରିବା ଦଣ୍ଡନୀୟ ଅପରାଧ" ଉଲ୍ଲିଖିତ ଆଞ୍ଚଳିକ ଭାଷାରେ ଲେଖାଯିବ ଏବଂ ୫୦% ଭାଗରେ ତମାଖୁ ବ୍ୟବହାରର କୁପରିଣାମ ଦର୍ଶାଉଥିବା ଚିତ୍ର ପ୍ରଦର୍ଶିତ ହୋଇଥିବ। ଏପରି ବୋର୍ଡ ବା ଫଳକରେ ଅନ୍ୟ କୌଣସି ବିଜ୍ଞାପନ କିମ୍ବା ପ୍ରମୋସନ୍ୟାଲ ବାର୍ତ୍ତା କିମ୍ବା ଚିତ୍ର ରହିବ ନାହିଁ।
➤ କୌଣସି ତମାଖୁ ଜାତୀୟ ଉତ୍ପାଦ ସେଲ୍ଫ ସର୍ଭିସ ମାଧ୍ୟମରେ ବିକ୍ରି କରାଯାଇପାରିବ ନାହିଁ।
➤ ଅଠର ବର୍ଷରୁ କମ୍ ବୟସର ବ୍ୟକ୍ତିଙ୍କ ଦ୍ୱାରା କୌଣସି ତମାଖୁଜାତୀୟ ଉତ୍ପାଦର କାରବାର ବା ବିକ୍ରୟ କରାଯାଇପାରିବ ନାହିଁ।
➤ ତମାଖୁ ଜାତୀୟ ଉତ୍ପାଦ ଏପରି ଭଳିରେ ପ୍ରଦର୍ଶିତ କରାଯାଇପାରିବ ନାହିଁ ଯାହା ଅଠର ବର୍ଷରୁ କମ୍ ବୟସର ବ୍ୟକ୍ତିଙ୍କ ସହଜରେ ଆକର୍ଷିତ କରୁଥିବ।
ଏହି ବ୍ୟବସ୍ଥାଗୁଡ଼ିକର ଉଲ୍ଲଂଘନ କରାଯିବା ଦଣ୍ଡନୀୟ ଅପରାଧ ଏବଂ ଏଥିପାଇଁ ₹୨୦୦/- ପର୍ଯ୍ୟନ୍ତ ଜରିମାନା ଆଦାୟ କରାଯିବ
କୌଣସି ଉଲ୍ଲଂଘନ ସମ୍ପର୍କରେ ସୂଚନା ଦେବାପାଇଁ ଟୋଲଫ୍ରି ୧୮୦୦-୧୧୦-୪୫୬ (ନିଃଶୁଳ୍କ)ରେ କଲ୍ କରନ୍ତୁ
ଉପରେ ପ୍ରକାଶିତ ସୂଚନାର ଅନୁପାଳନ ପାଇଁ ପିଟିଏଫ ଫର୍ମାଟ୍ରେ ଫଳକର ଡିଜାଇନ ଏବଂ ସିଡ଼ି, ଯାହାକୁ ଆବଶ୍ୟକ ଅନୁଯାୟୀ ଛାପିବା ପାଇଁ ଦରକାର ହେଲେ ନିମ୍ନ ଠିକଣାରୁ ପାଇପାରିବେ: ଶ୍ରୀ ଆର୍.ଏସ୍. ନେଗି, ଅଣ୍ଡର ସେକ୍ରେଟାରୀ, ଏମଓଏଚ୍ଏଫଡବ୍ଲ୍ୟୁ, ରୁମ୍ ନଂ. ୪୭୫, ଏ ୱିଙ୍ଗ୍, ନିର୍ମାଣ ଭବନ, ନୂଆଦିଲ୍ଲୀ-୧୧୦୦୦୮। ଟେଲିଫୋନ ନଂ: ୦୧୧-୨୩୦୬୧୭୦୩ ଏହାବ୍ୟତୀତ ଆପଣ ୱେବସାଇଟ
www.mohfw.nic.in ରୁ ମଧ୍ୟ ହାସଲ କରିପାରିବେ।
ଜନସ୍ୱାର୍ଥରେ ଜାରି
ସ୍ୱାସ୍ଥ୍ୟ ଏବଂ ପରିବାର କଲ୍ୟାଣ ମନ୍ତ୍ରଣାଳୟ ଭାରତ ସରକାର
Choose Life, Not Tobacco
National Tobacco Control Programme	davp 17135/13/0042/1112
